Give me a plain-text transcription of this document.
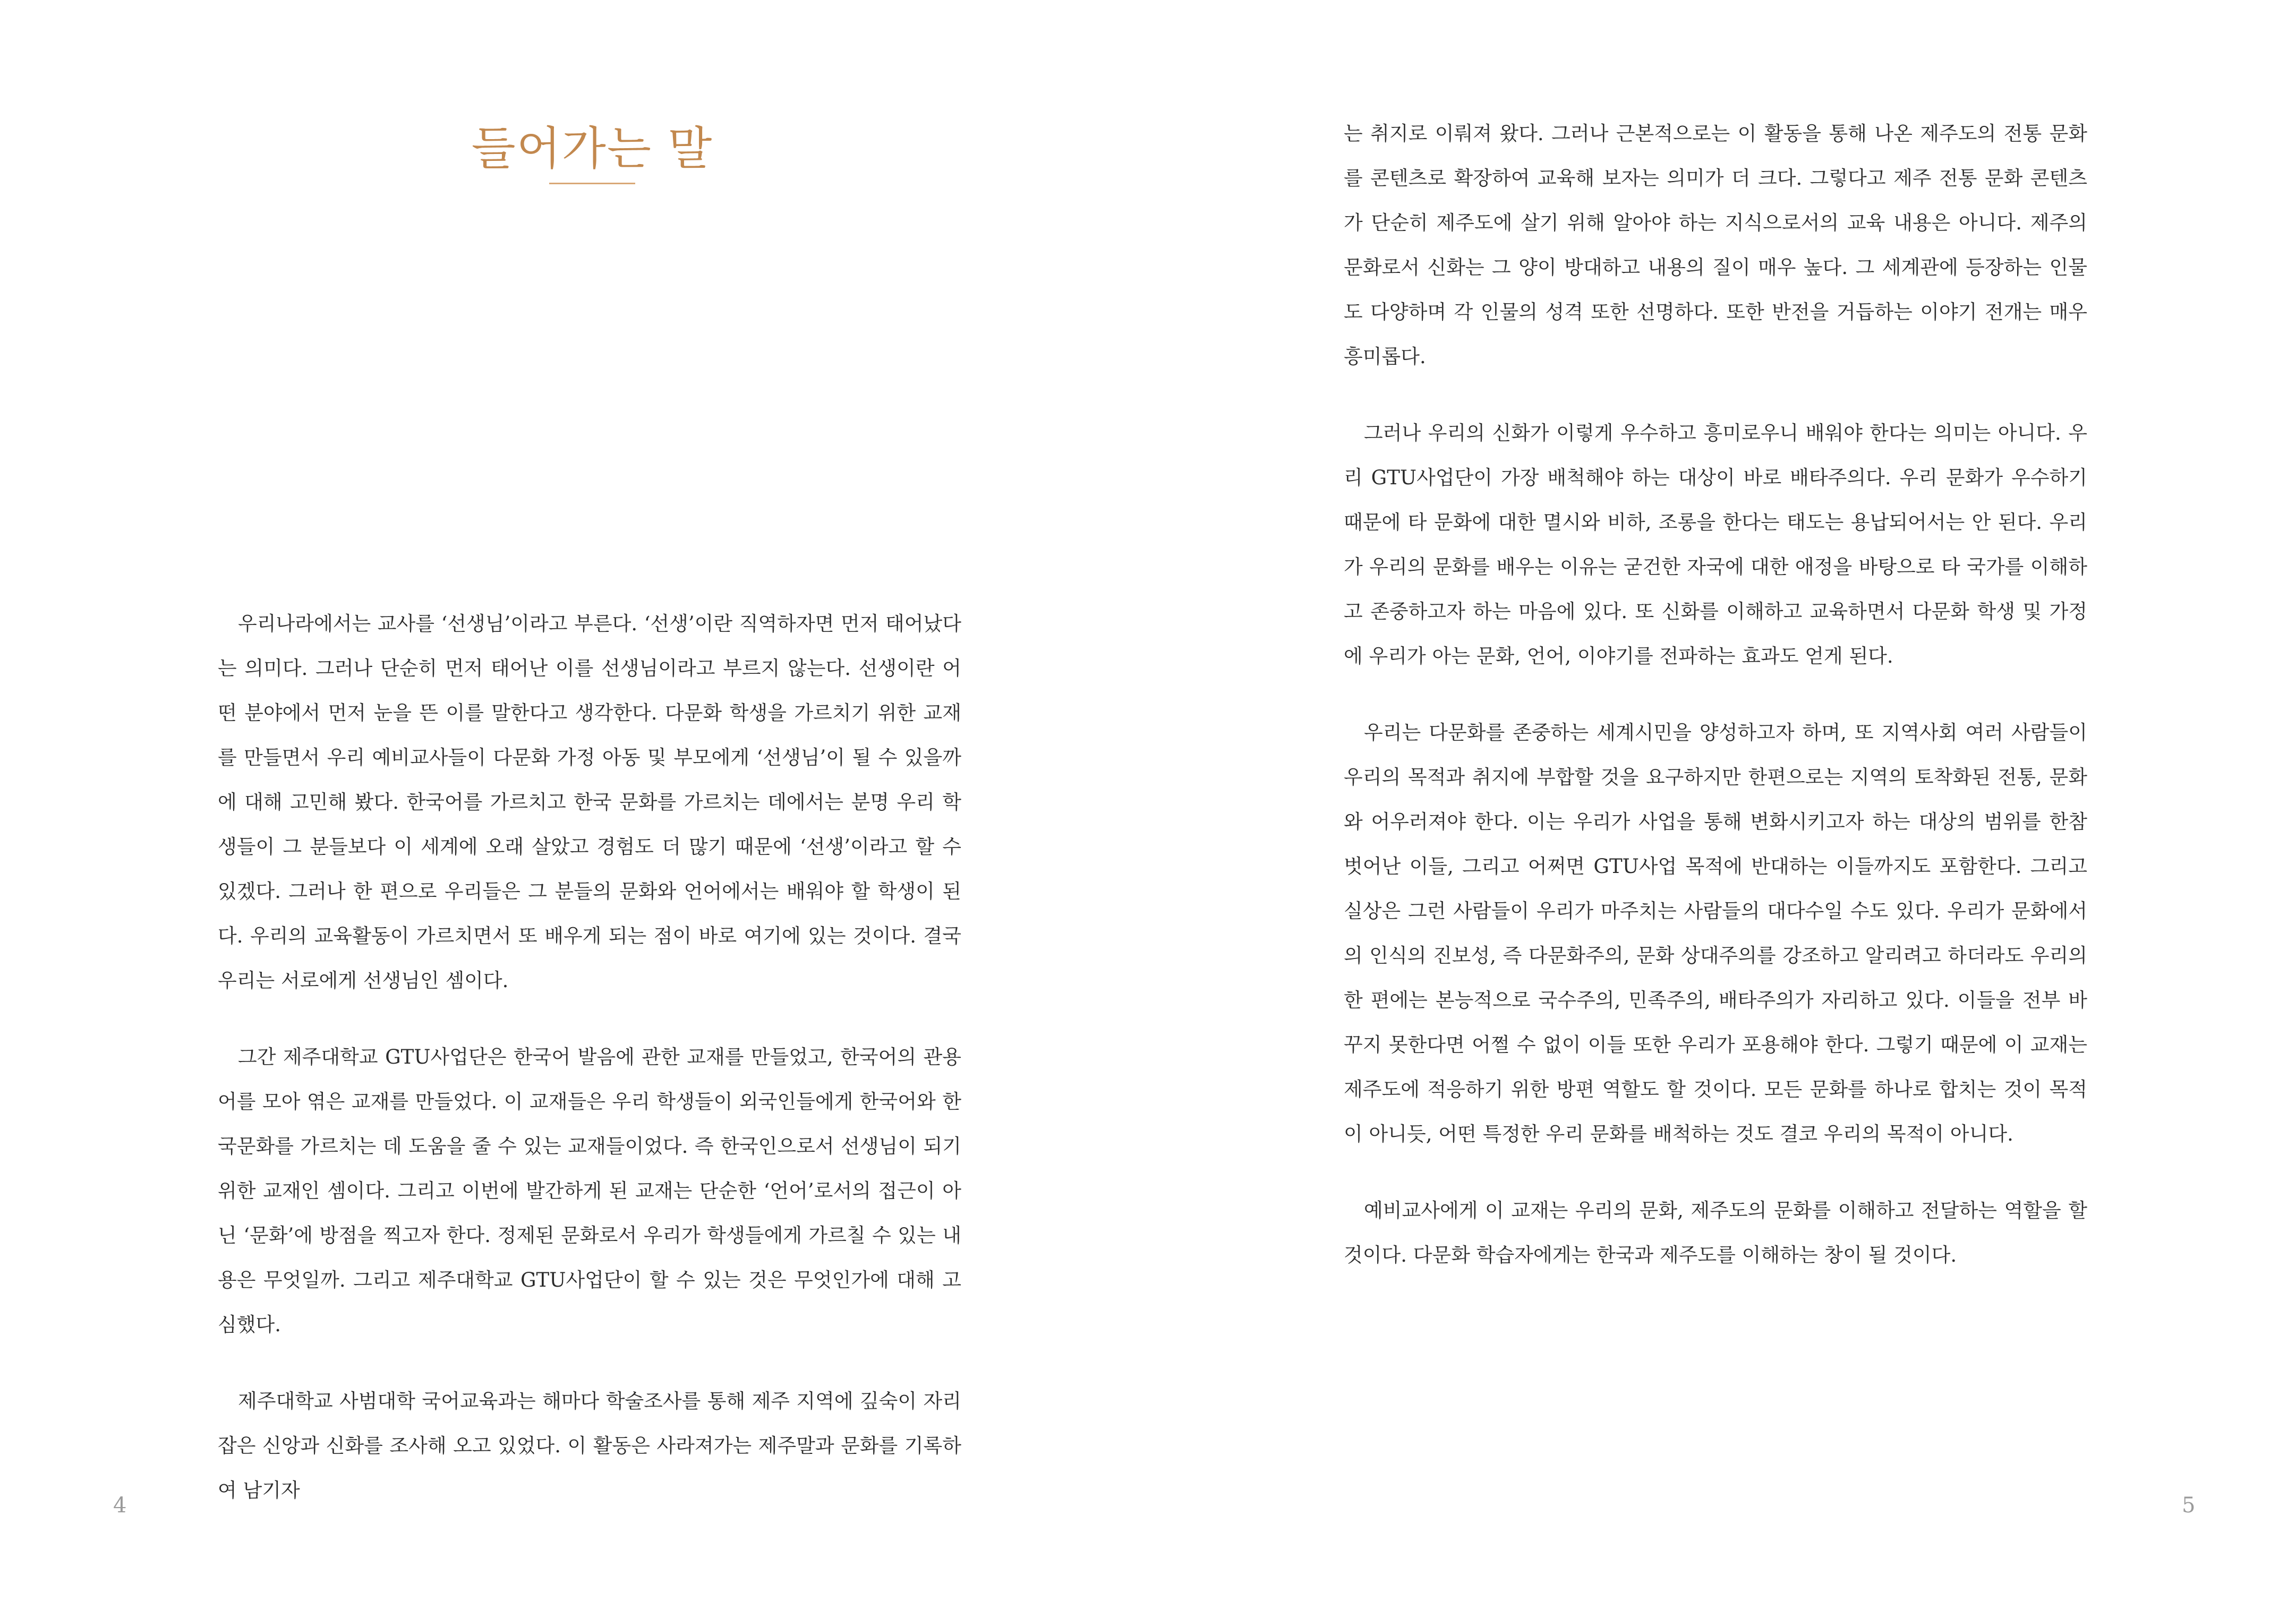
들어가는 말

우리나라에서는 교사를 ‘선생님’이라고 부른다. ‘선생’이란 직역하자면 먼저 태어났다는 의미다. 그러나 단순히 먼저 태어난 이를 선생님이라고 부르지 않는다. 선생이란 어떤 분야에서 먼저 눈을 뜬 이를 말한다고 생각한다. 다문화 학생을 가르치기 위한 교재를 만들면서 우리 예비교사들이 다문화 가정 아동 및 부모에게 ‘선생님’이 될 수 있을까에 대해 고민해 봤다. 한국어를 가르치고 한국 문화를 가르치는 데에서는 분명 우리 학생들이 그 분들보다 이 세계에 오래 살았고 경험도 더 많기 때문에 ‘선생’이라고 할 수 있겠다. 그러나 한 편으로 우리들은 그 분들의 문화와 언어에서는 배워야 할 학생이 된다. 우리의 교육활동이 가르치면서 또 배우게 되는 점이 바로 여기에 있는 것이다. 결국 우리는 서로에게 선생님인 셈이다.

그간 제주대학교 GTU사업단은 한국어 발음에 관한 교재를 만들었고, 한국어의 관용어를 모아 엮은 교재를 만들었다. 이 교재들은 우리 학생들이 외국인들에게 한국어와 한국문화를 가르치는 데 도움을 줄 수 있는 교재들이었다. 즉 한국인으로서 선생님이 되기 위한 교재인 셈이다. 그리고 이번에 발간하게 된 교재는 단순한 ‘언어’로서의 접근이 아닌 ‘문화’에 방점을 찍고자 한다. 정제된 문화로서 우리가 학생들에게 가르칠 수 있는 내용은 무엇일까. 그리고 제주대학교 GTU사업단이 할 수 있는 것은 무엇인가에 대해 고심했다.

제주대학교 사범대학 국어교육과는 해마다 학술조사를 통해 제주 지역에 깊숙이 자리 잡은 신앙과 신화를 조사해 오고 있었다. 이 활동은 사라져가는 제주말과 문화를 기록하여 남기자

4

는 취지로 이뤄져 왔다. 그러나 근본적으로는 이 활동을 통해 나온 제주도의 전통 문화를 콘텐츠로 확장하여 교육해 보자는 의미가 더 크다. 그렇다고 제주 전통 문화 콘텐츠가 단순히 제주도에 살기 위해 알아야 하는 지식으로서의 교육 내용은 아니다. 제주의 문화로서 신화는 그 양이 방대하고 내용의 질이 매우 높다. 그 세계관에 등장하는 인물도 다양하며 각 인물의 성격 또한 선명하다. 또한 반전을 거듭하는 이야기 전개는 매우 흥미롭다.

그러나 우리의 신화가 이렇게 우수하고 흥미로우니 배워야 한다는 의미는 아니다. 우리 GTU사업단이 가장 배척해야 하는 대상이 바로 배타주의다. 우리 문화가 우수하기 때문에 타 문화에 대한 멸시와 비하, 조롱을 한다는 태도는 용납되어서는 안 된다. 우리가 우리의 문화를 배우는 이유는 굳건한 자국에 대한 애정을 바탕으로 타 국가를 이해하고 존중하고자 하는 마음에 있다. 또 신화를 이해하고 교육하면서 다문화 학생 및 가정에 우리가 아는 문화, 언어, 이야기를 전파하는 효과도 얻게 된다.

우리는 다문화를 존중하는 세계시민을 양성하고자 하며, 또 지역사회 여러 사람들이 우리의 목적과 취지에 부합할 것을 요구하지만 한편으로는 지역의 토착화된 전통, 문화와 어우러져야 한다. 이는 우리가 사업을 통해 변화시키고자 하는 대상의 범위를 한참 벗어난 이들, 그리고 어쩌면 GTU사업 목적에 반대하는 이들까지도 포함한다. 그리고 실상은 그런 사람들이 우리가 마주치는 사람들의 대다수일 수도 있다. 우리가 문화에서의 인식의 진보성, 즉 다문화주의, 문화 상대주의를 강조하고 알리려고 하더라도 우리의 한 편에는 본능적으로 국수주의, 민족주의, 배타주의가 자리하고 있다. 이들을 전부 바꾸지 못한다면 어쩔 수 없이 이들 또한 우리가 포용해야 한다. 그렇기 때문에 이 교재는 제주도에 적응하기 위한 방편 역할도 할 것이다. 모든 문화를 하나로 합치는 것이 목적이 아니듯, 어떤 특정한 우리 문화를 배척하는 것도 결코 우리의 목적이 아니다.

예비교사에게 이 교재는 우리의 문화, 제주도의 문화를 이해하고 전달하는 역할을 할 것이다. 다문화 학습자에게는 한국과 제주도를 이해하는 창이 될 것이다.

5
